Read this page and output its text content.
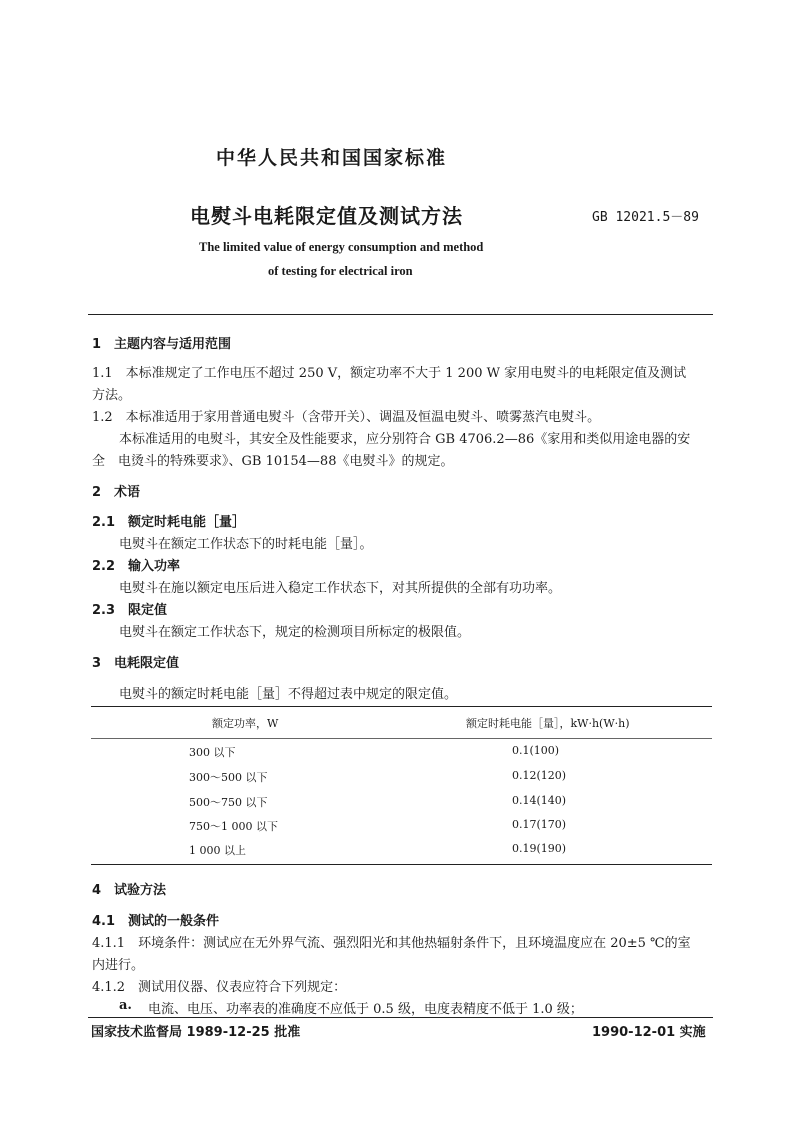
中华人民共和国国家标准
电熨斗电耗限定值及测试方法	GB 12021.5－89
The limited value of energy consumption and method
of testing for electrical iron
1　主题内容与适用范围
1.1　本标准规定了工作电压不超过 250 V，额定功率不大于 1 200 W 家用电熨斗的电耗限定值及测试
方法。
1.2　本标准适用于家用普通电熨斗（含带开关）、调温及恒温电熨斗、喷雾蒸汽电熨斗。
本标准适用的电熨斗，其安全及性能要求，应分别符合 GB 4706.2—86《家用和类似用途电器的安
全　电烫斗的特殊要求》、GB 10154—88《电熨斗》的规定。
2　术语
2.1　额定时耗电能［量］
电熨斗在额定工作状态下的时耗电能［量］。
2.2　输入功率
电熨斗在施以额定电压后进入稳定工作状态下，对其所提供的全部有功功率。
2.3　限定值
电熨斗在额定工作状态下，规定的检测项目所标定的极限值。
3　电耗限定值
电熨斗的额定时耗电能［量］不得超过表中规定的限定值。
额定功率，W	额定时耗电能［量］，kW·h(W·h)
300 以下	0.1(100)
300～500 以下	0.12(120)
500～750 以下	0.14(140)
750～1 000 以下	0.17(170)
1 000 以上	0.19(190)
4　试验方法
4.1　测试的一般条件
4.1.1　环境条件：测试应在无外界气流、强烈阳光和其他热辐射条件下，且环境温度应在 20±5 ℃的室
内进行。
4.1.2　测试用仪器、仪表应符合下列规定：
a. 电流、电压、功率表的准确度不应低于 0.5 级，电度表精度不低于 1.0 级；
国家技术监督局 1989-12-25 批准	1990-12-01 实施
